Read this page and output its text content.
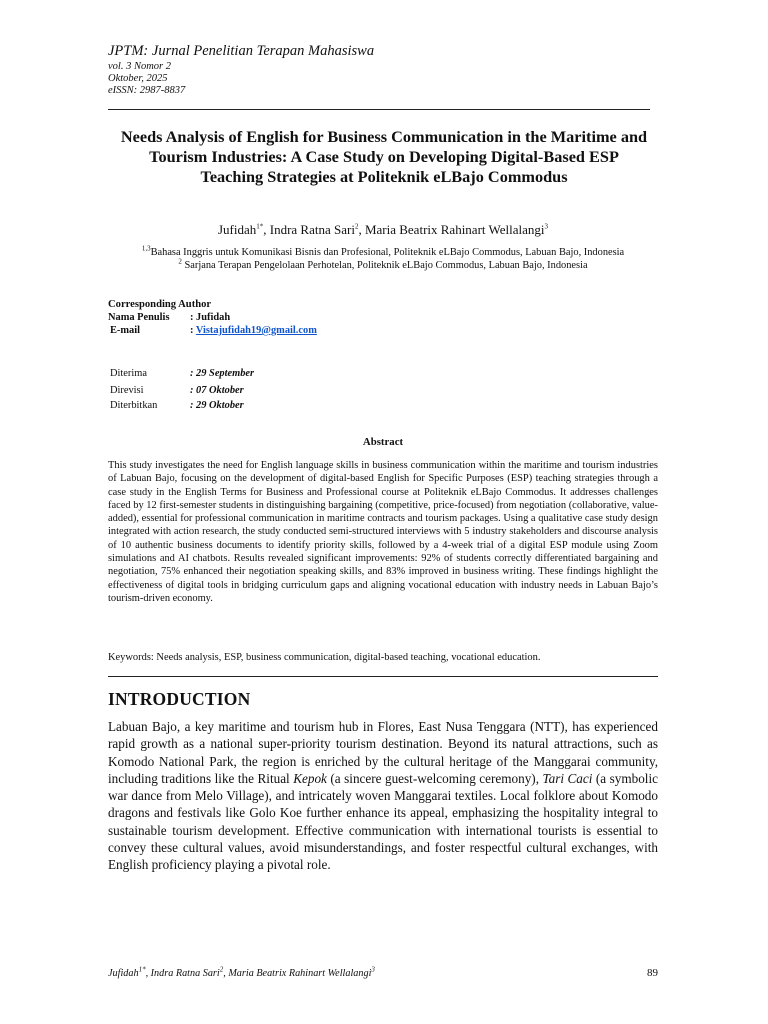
JPTM: Jurnal Penelitian Terapan Mahasiswa
vol. 3 Nomor 2
Oktober, 2025
eISSN: 2987-8837
Needs Analysis of English for Business Communication in the Maritime and Tourism Industries: A Case Study on Developing Digital-Based ESP Teaching Strategies at Politeknik eLBajo Commodus
Jufidah$^{1*}$, Indra Ratna Sari$^2$, Maria Beatrix Rahinart Wellalangi$^3$
$^{1,3}$Bahasa Inggris untuk Komunikasi Bisnis dan Profesional, Politeknik eLBajo Commodus, Labuan Bajo, Indonesia
$^2$ Sarjana Terapan Pengelolaan Perhotelan, Politeknik eLBajo Commodus, Labuan Bajo, Indonesia
Corresponding Author
Nama Penulis : Jufidah
E-mail	: Vistajufidah19@gmail.com
Diterima	: 29 September
Direvisi	: 07 Oktober
Diterbitkan	: 29 Oktober
Abstract
This study investigates the need for English language skills in business communication within the maritime and tourism industries of Labuan Bajo, focusing on the development of digital-based English for Specific Purposes (ESP) teaching strategies through a case study in the English Terms for Business and Professional course at Politeknik eLBajo Commodus. It addresses challenges faced by 12 first-semester students in distinguishing bargaining (competitive, price-focused) from negotiation (collaborative, value-added), essential for professional communication in maritime contracts and tourism packages. Using a qualitative case study design integrated with action research, the study conducted semi-structured interviews with 5 industry stakeholders and discourse analysis of 10 authentic business documents to identify priority skills, followed by a 4-week trial of a digital ESP module using Zoom simulations and AI chatbots. Results revealed significant improvements: 92% of students correctly differentiated bargaining and negotiation, 75% enhanced their negotiation speaking skills, and 83% improved in business writing. These findings highlight the effectiveness of digital tools in bridging curriculum gaps and aligning vocational education with industry needs in Labuan Bajo’s tourism-driven economy.
Keywords: Needs analysis, ESP, business communication, digital-based teaching, vocational education.
INTRODUCTION
Labuan Bajo, a key maritime and tourism hub in Flores, East Nusa Tenggara (NTT), has experienced rapid growth as a national super-priority tourism destination. Beyond its natural attractions, such as Komodo National Park, the region is enriched by the cultural heritage of the Manggarai community, including traditions like the Ritual Kepok (a sincere guest-welcoming ceremony), Tari Caci (a symbolic war dance from Melo Village), and intricately woven Manggarai textiles. Local folklore about Komodo dragons and festivals like Golo Koe further enhance its appeal, emphasizing the hospitality integral to sustainable tourism development. Effective communication with international tourists is essential to convey these cultural values, avoid misunderstandings, and foster respectful cultural exchanges, with English proficiency playing a pivotal role.
Jufidah$^{1*}$, Indra Ratna Sari$^2$, Maria Beatrix Rahinart Wellalangi$^3$	89
